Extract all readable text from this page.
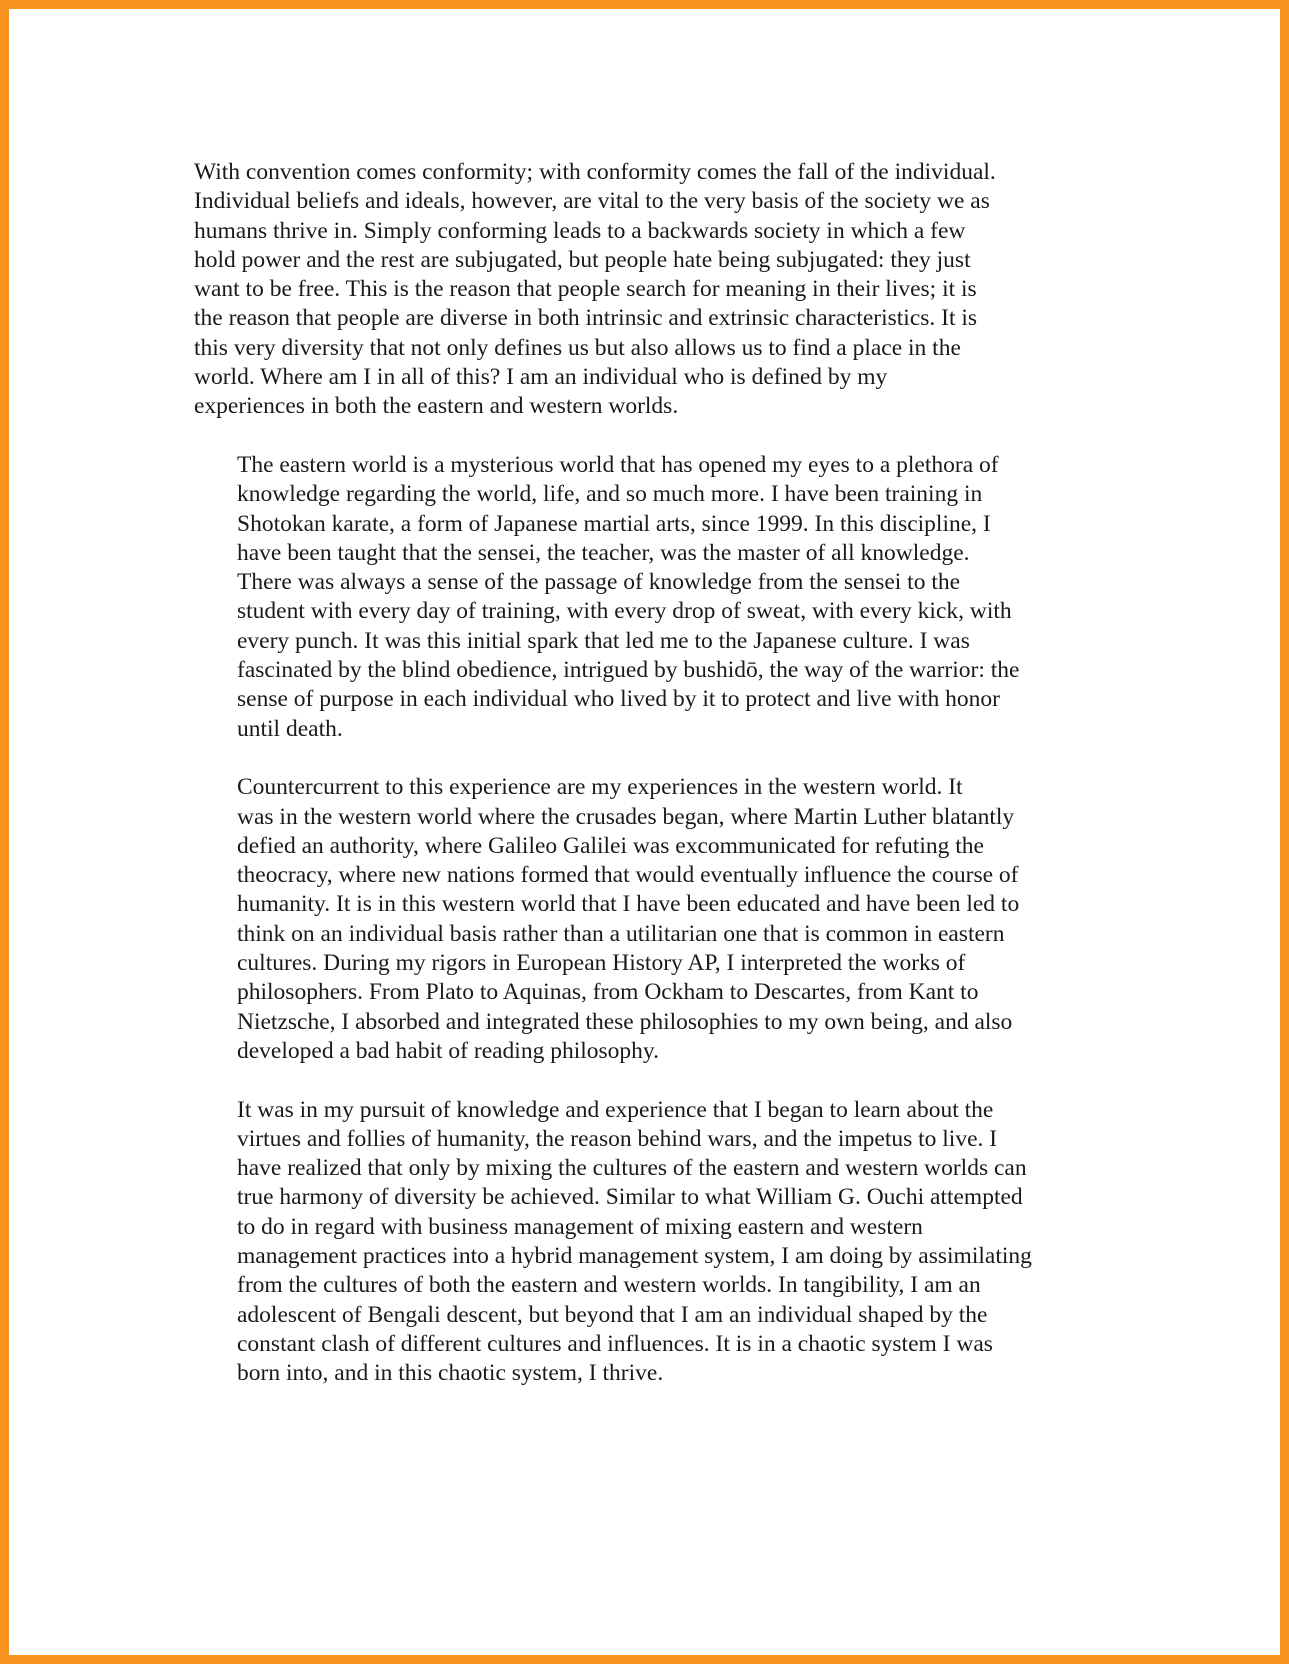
With convention comes conformity; with conformity comes the fall of the individual.
Individual beliefs and ideals, however, are vital to the very basis of the society we as
humans thrive in. Simply conforming leads to a backwards society in which a few
hold power and the rest are subjugated, but people hate being subjugated: they just
want to be free. This is the reason that people search for meaning in their lives; it is
the reason that people are diverse in both intrinsic and extrinsic characteristics. It is
this very diversity that not only defines us but also allows us to find a place in the
world. Where am I in all of this? I am an individual who is defined by my
experiences in both the eastern and western worlds.

The eastern world is a mysterious world that has opened my eyes to a plethora of
knowledge regarding the world, life, and so much more. I have been training in
Shotokan karate, a form of Japanese martial arts, since 1999. In this discipline, I
have been taught that the sensei, the teacher, was the master of all knowledge.
There was always a sense of the passage of knowledge from the sensei to the
student with every day of training, with every drop of sweat, with every kick, with
every punch. It was this initial spark that led me to the Japanese culture. I was
fascinated by the blind obedience, intrigued by bushidō, the way of the warrior: the
sense of purpose in each individual who lived by it to protect and live with honor
until death.

Countercurrent to this experience are my experiences in the western world. It
was in the western world where the crusades began, where Martin Luther blatantly
defied an authority, where Galileo Galilei was excommunicated for refuting the
theocracy, where new nations formed that would eventually influence the course of
humanity. It is in this western world that I have been educated and have been led to
think on an individual basis rather than a utilitarian one that is common in eastern
cultures. During my rigors in European History AP, I interpreted the works of
philosophers. From Plato to Aquinas, from Ockham to Descartes, from Kant to
Nietzsche, I absorbed and integrated these philosophies to my own being, and also
developed a bad habit of reading philosophy.

It was in my pursuit of knowledge and experience that I began to learn about the
virtues and follies of humanity, the reason behind wars, and the impetus to live. I
have realized that only by mixing the cultures of the eastern and western worlds can
true harmony of diversity be achieved. Similar to what William G. Ouchi attempted
to do in regard with business management of mixing eastern and western
management practices into a hybrid management system, I am doing by assimilating
from the cultures of both the eastern and western worlds. In tangibility, I am an
adolescent of Bengali descent, but beyond that I am an individual shaped by the
constant clash of different cultures and influences. It is in a chaotic system I was
born into, and in this chaotic system, I thrive.
